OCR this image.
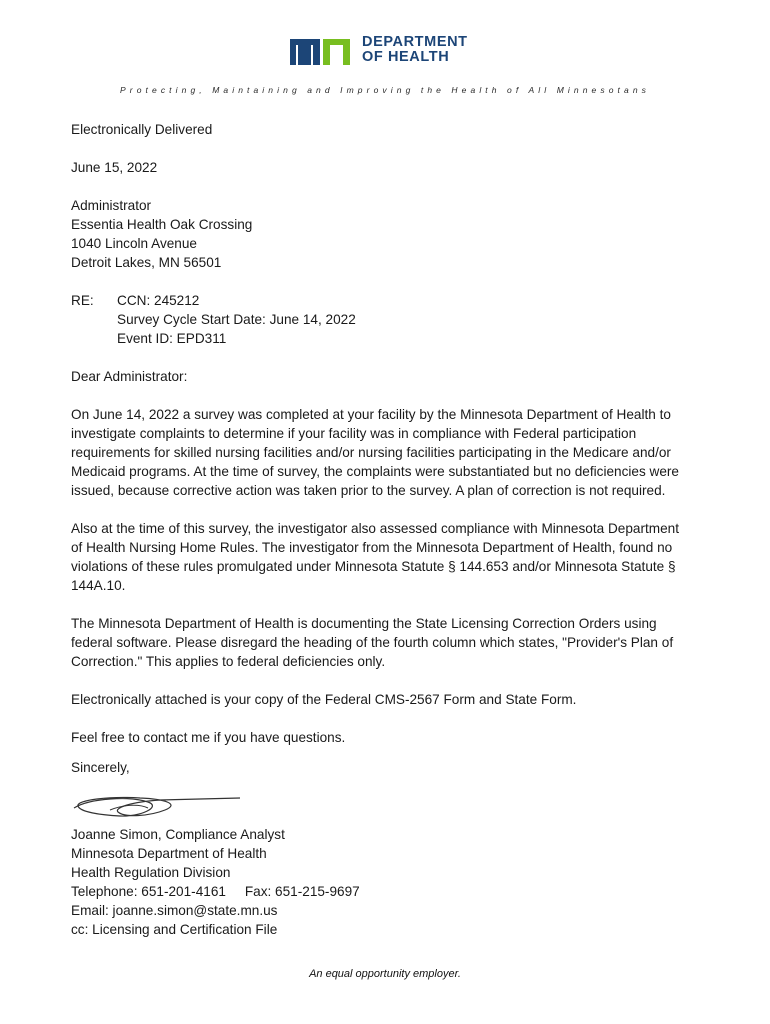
DEPARTMENT
OF HEALTH
Protecting, Maintaining and Improving the Health of All Minnesotans

Electronically Delivered

June 15, 2022

Administrator

Essentia Health Oak Crossing

1040 Lincoln Avenue

Detroit Lakes, MN 56501

RE:	CCN: 245212
Survey Cycle Start Date: June 14, 2022
Event ID: EPD311

Dear Administrator:

On June 14, 2022 a survey was completed at your facility by the Minnesota Department of Health to

investigate complaints to determine if your facility was in compliance with Federal participation

requirements for skilled nursing facilities and/or nursing facilities participating in the Medicare and/or

Medicaid programs. At the time of survey, the complaints were substantiated but no deficiencies were

issued, because corrective action was taken prior to the survey. A plan of correction is not required.

Also at the time of this survey, the investigator also assessed compliance with Minnesota Department

of Health Nursing Home Rules. The investigator from the Minnesota Department of Health, found no

violations of these rules promulgated under Minnesota Statute § 144.653 and/or Minnesota Statute §

144A.10.

The Minnesota Department of Health is documenting the State Licensing Correction Orders using

federal software. Please disregard the heading of the fourth column which states, "Provider's Plan of

Correction." This applies to federal deficiencies only.

Electronically attached is your copy of the Federal CMS-2567 Form and State Form.

Feel free to contact me if you have questions.

Sincerely,

Joanne Simon, Compliance Analyst
Minnesota Department of Health
Health Regulation Division
Telephone: 651-201-4161     Fax: 651-215-9697
Email: joanne.simon@state.mn.us
cc: Licensing and Certification File
An equal opportunity employer.
